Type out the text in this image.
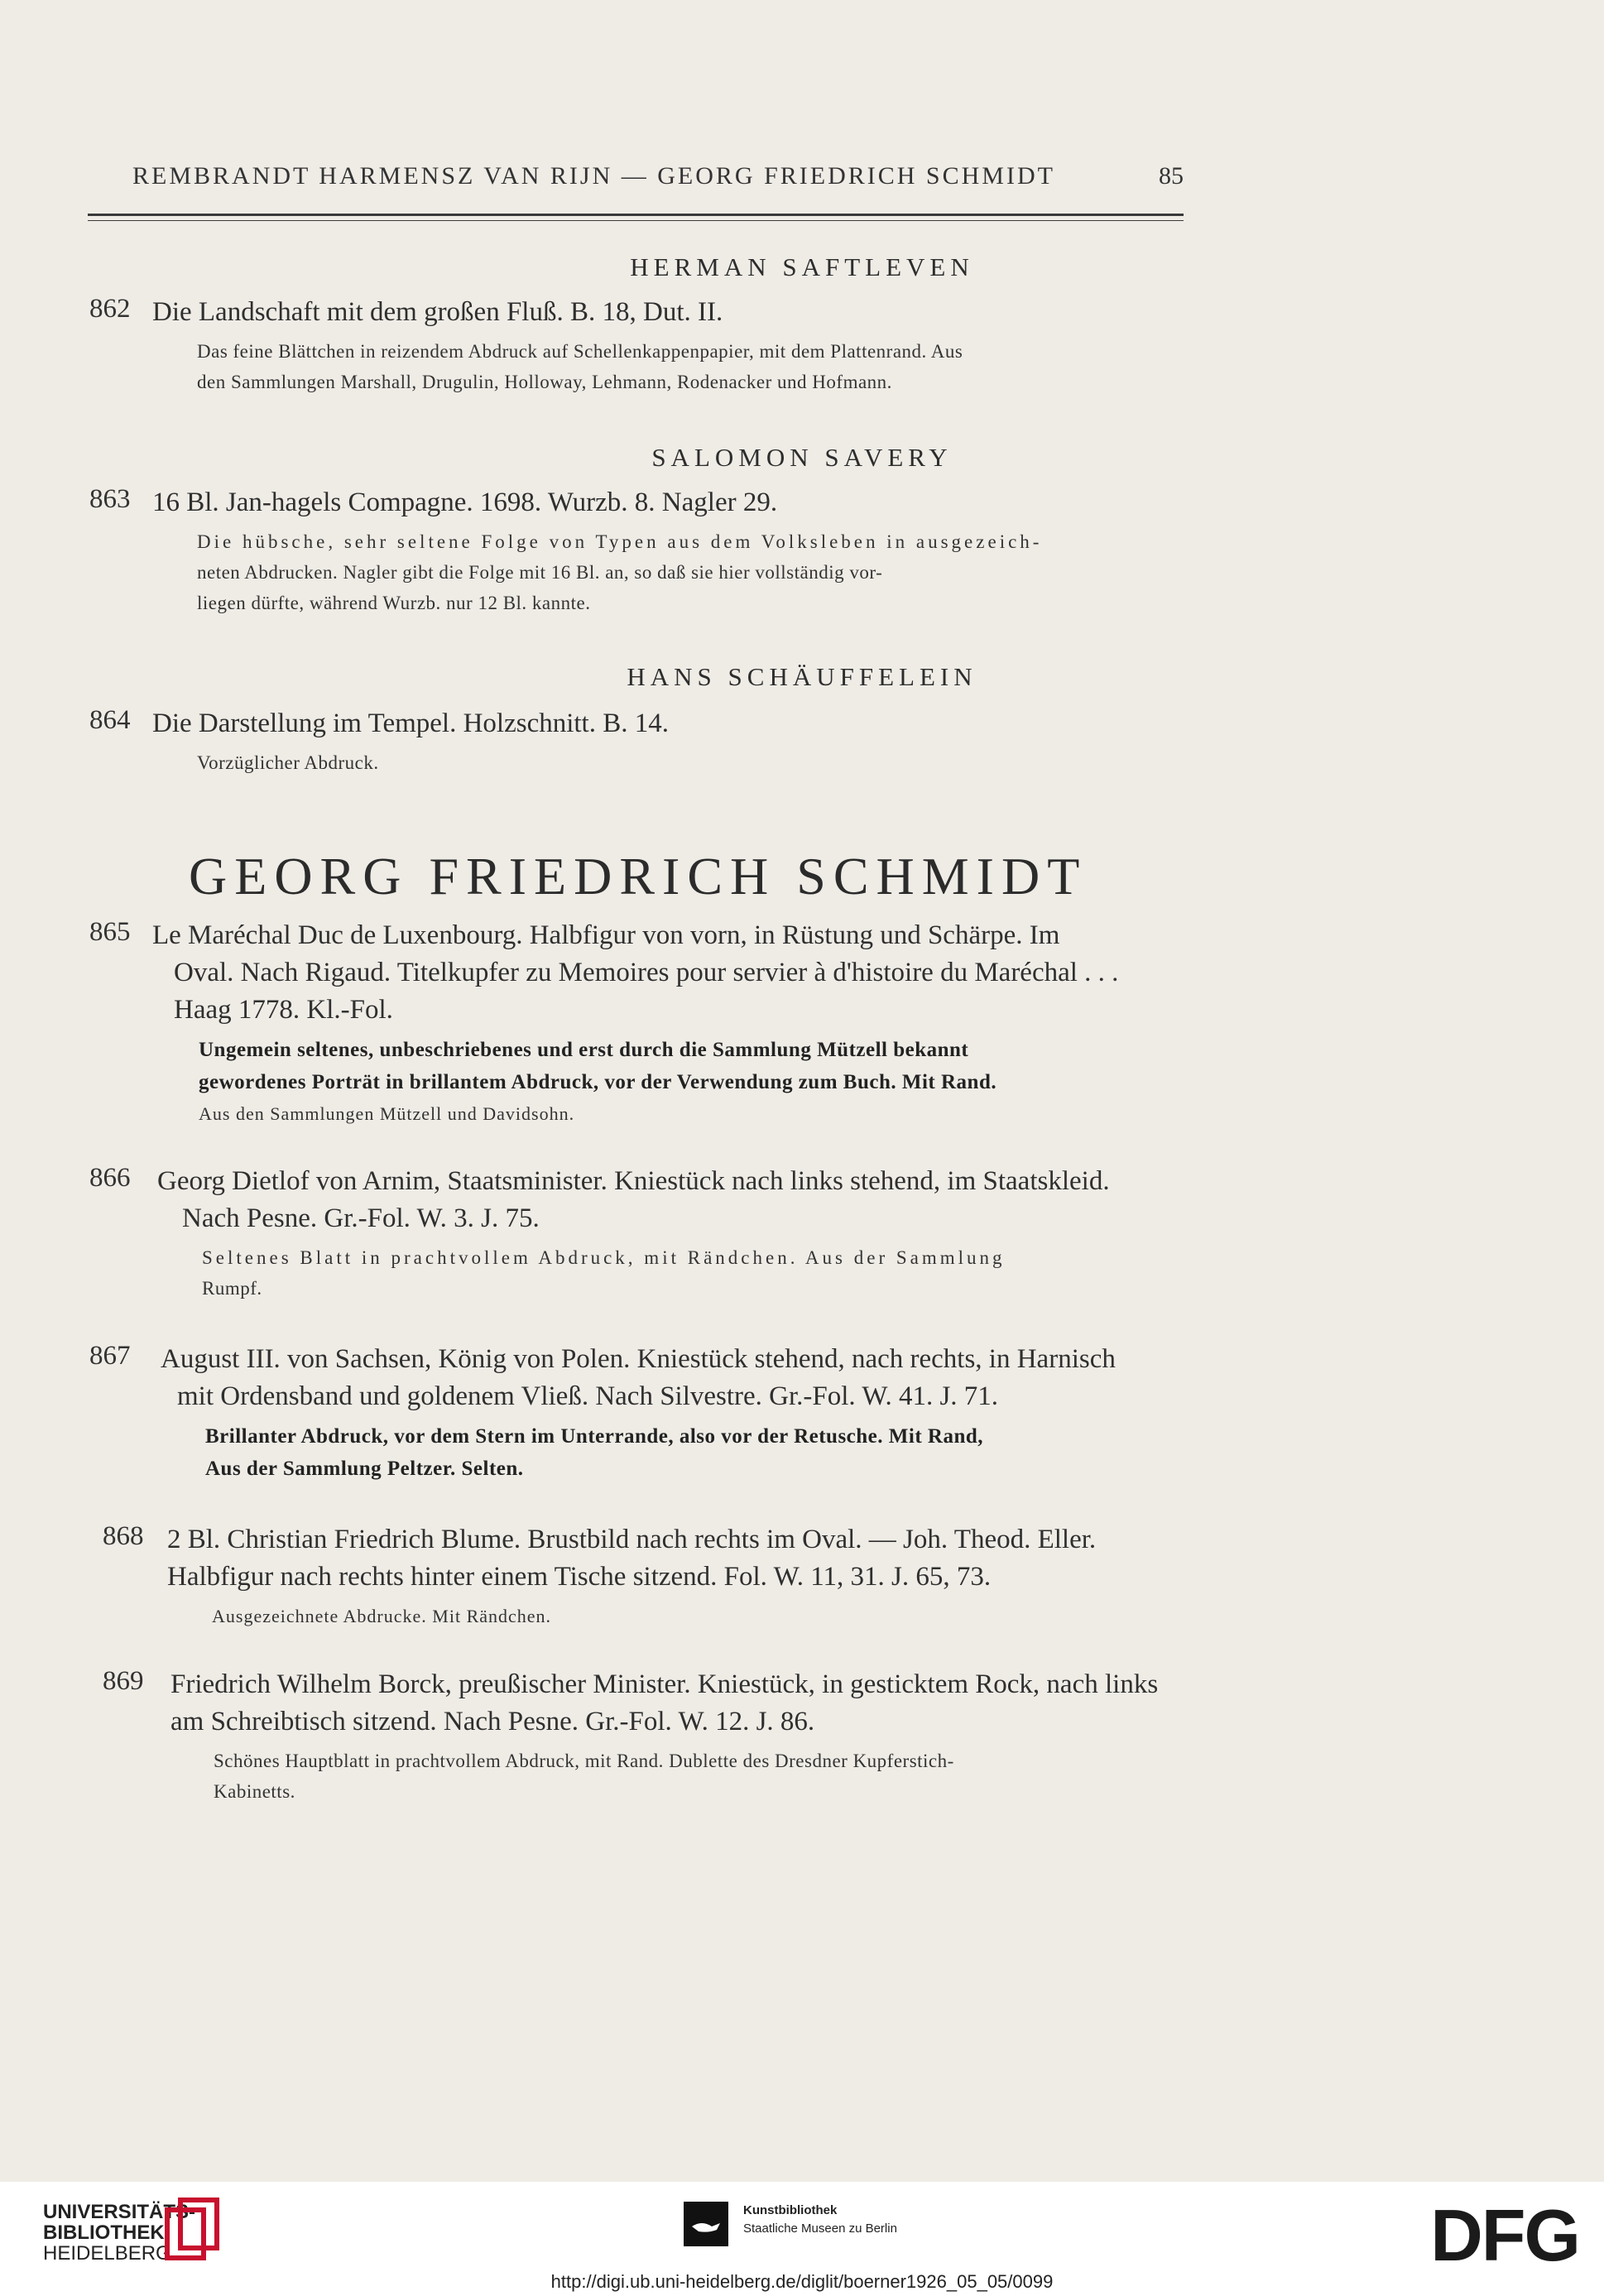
REMBRANDT HARMENSZ VAN RIJN — GEORG FRIEDRICH SCHMIDT	85
HERMAN SAFTLEVEN
862 Die Landschaft mit dem großen Fluß. B. 18, Dut. II.
Das feine Blättchen in reizendem Abdruck auf Schellenkappenpapier, mit dem Plattenrand. Aus
den Sammlungen Marshall, Drugulin, Holloway, Lehmann, Rodenacker und Hofmann.
SALOMON SAVERY
863 16 Bl. Jan-hagels Compagne. 1698. Wurzb. 8. Nagler 29.
Die hübsche, sehr seltene Folge von Typen aus dem Volksleben in ausgezeich-
neten Abdrucken. Nagler gibt die Folge mit 16 Bl. an, so daß sie hier vollständig vor-
liegen dürfte, während Wurzb. nur 12 Bl. kannte.
HANS SCHÄUFFELEIN
864 Die Darstellung im Tempel. Holzschnitt. B. 14.
Vorzüglicher Abdruck.
GEORG FRIEDRICH SCHMIDT
865 Le Maréchal Duc de Luxenbourg. Halbfigur von vorn, in Rüstung und Schärpe. Im
Oval. Nach Rigaud. Titelkupfer zu Memoires pour servier à d'histoire du Maréchal . . .
Haag 1778. Kl.-Fol.
Ungemein seltenes, unbeschriebenes und erst durch die Sammlung Mützell bekannt
gewordenes Porträt in brillantem Abdruck, vor der Verwendung zum Buch. Mit Rand.
Aus den Sammlungen Mützell und Davidsohn.
866 Georg Dietlof von Arnim, Staatsminister. Kniestück nach links stehend, im Staatskleid.
Nach Pesne. Gr.-Fol. W. 3. J. 75.
Seltenes Blatt in prachtvollem Abdruck, mit Rändchen. Aus der Sammlung
Rumpf.
867 August III. von Sachsen, König von Polen. Kniestück stehend, nach rechts, in Harnisch
mit Ordensband und goldenem Vließ. Nach Silvestre. Gr.-Fol. W. 41. J. 71.
Brillanter Abdruck, vor dem Stern im Unterrande, also vor der Retusche. Mit Rand,
Aus der Sammlung Peltzer. Selten.
868 2 Bl. Christian Friedrich Blume. Brustbild nach rechts im Oval. — Joh. Theod. Eller.
Halbfigur nach rechts hinter einem Tische sitzend. Fol. W. 11, 31. J. 65, 73.
Ausgezeichnete Abdrucke. Mit Rändchen.
869 Friedrich Wilhelm Borck, preußischer Minister. Kniestück, in gesticktem Rock, nach links
am Schreibtisch sitzend. Nach Pesne. Gr.-Fol. W. 12. J. 86.
Schönes Hauptblatt in prachtvollem Abdruck, mit Rand. Dublette des Dresdner Kupferstich-
Kabinetts.
UNIVERSITÄTS-
BIBLIOTHEK
HEIDELBERG
Kunstbibliothek
Staatliche Museen zu Berlin	DFG
http://digi.ub.uni-heidelberg.de/diglit/boerner1926_05_05/0099
